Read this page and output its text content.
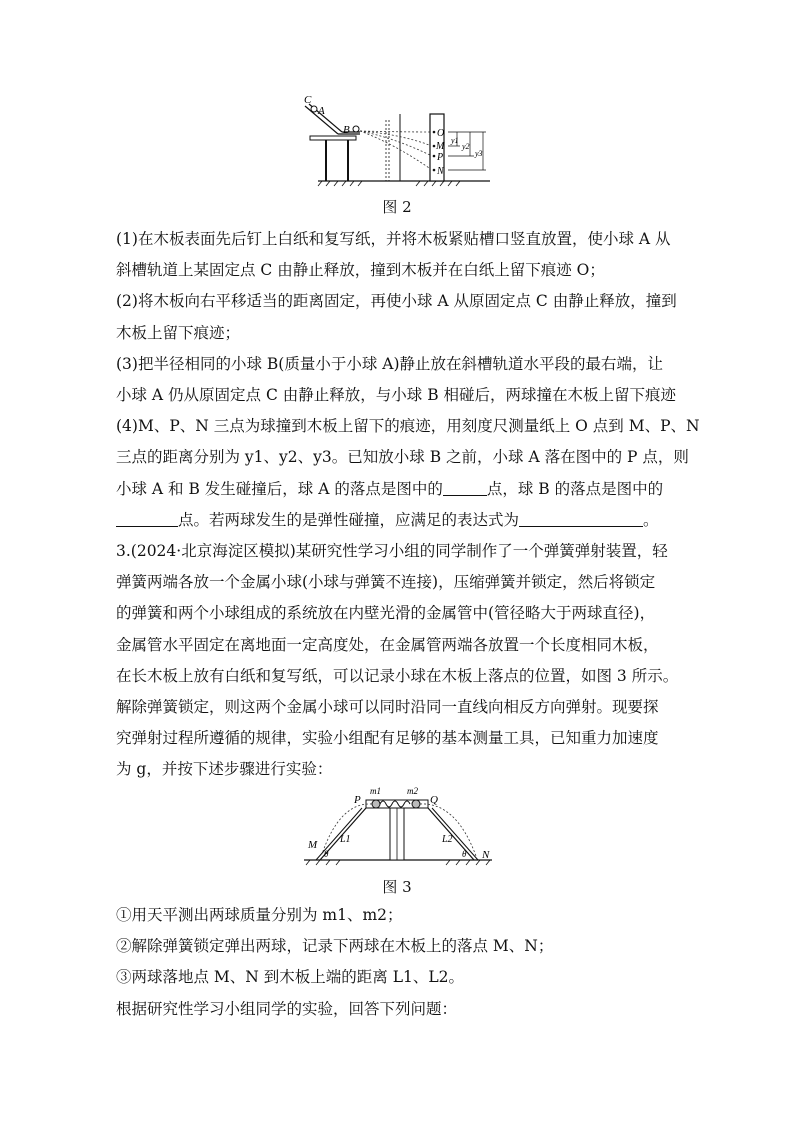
C
A
B	O
M
P
N
y1
y2
y3
图 2
(1)在木板表面先后钉上白纸和复写纸，并将木板紧贴槽口竖直放置，使小球 A 从
斜槽轨道上某固定点 C 由静止释放，撞到木板并在白纸上留下痕迹 O；
(2)将木板向右平移适当的距离固定，再使小球 A 从原固定点 C 由静止释放，撞到
木板上留下痕迹；
(3)把半径相同的小球 B(质量小于小球 A)静止放在斜槽轨道水平段的最右端，让
小球 A 仍从原固定点 C 由静止释放，与小球 B 相碰后，两球撞在木板上留下痕迹
(4)M、P、N 三点为球撞到木板上留下的痕迹，用刻度尺测量纸上 O 点到 M、P、N
三点的距离分别为 y1、y2、y3。已知放小球 B 之前，小球 A 落在图中的 P 点，则
小球 A 和 B 发生碰撞后，球 A 的落点是图中的	点，球 B 的落点是图中的
点。若两球发生的是弹性碰撞，应满足的表达式为	。
3.(2024·北京海淀区模拟)某研究性学习小组的同学制作了一个弹簧弹射装置，轻
弹簧两端各放一个金属小球(小球与弹簧不连接)，压缩弹簧并锁定，然后将锁定
的弹簧和两个小球组成的系统放在内壁光滑的金属管中(管径略大于两球直径)，
金属管水平固定在离地面一定高度处，在金属管两端各放置一个长度相同木板，
在长木板上放有白纸和复写纸，可以记录小球在木板上落点的位置，如图 3 所示。
解除弹簧锁定，则这两个金属小球可以同时沿同一直线向相反方向弹射。现要探
究弹射过程所遵循的规律，实验小组配有足够的基本测量工具，已知重力加速度
为 g，并按下述步骤进行实验：
P	Q
m1	m2
M
N
L1	L2
θ	θ
图 3
①用天平测出两球质量分别为 m1、m2；
②解除弹簧锁定弹出两球，记录下两球在木板上的落点 M、N；
③两球落地点 M、N 到木板上端的距离 L1、L2。
根据研究性学习小组同学的实验，回答下列问题：
